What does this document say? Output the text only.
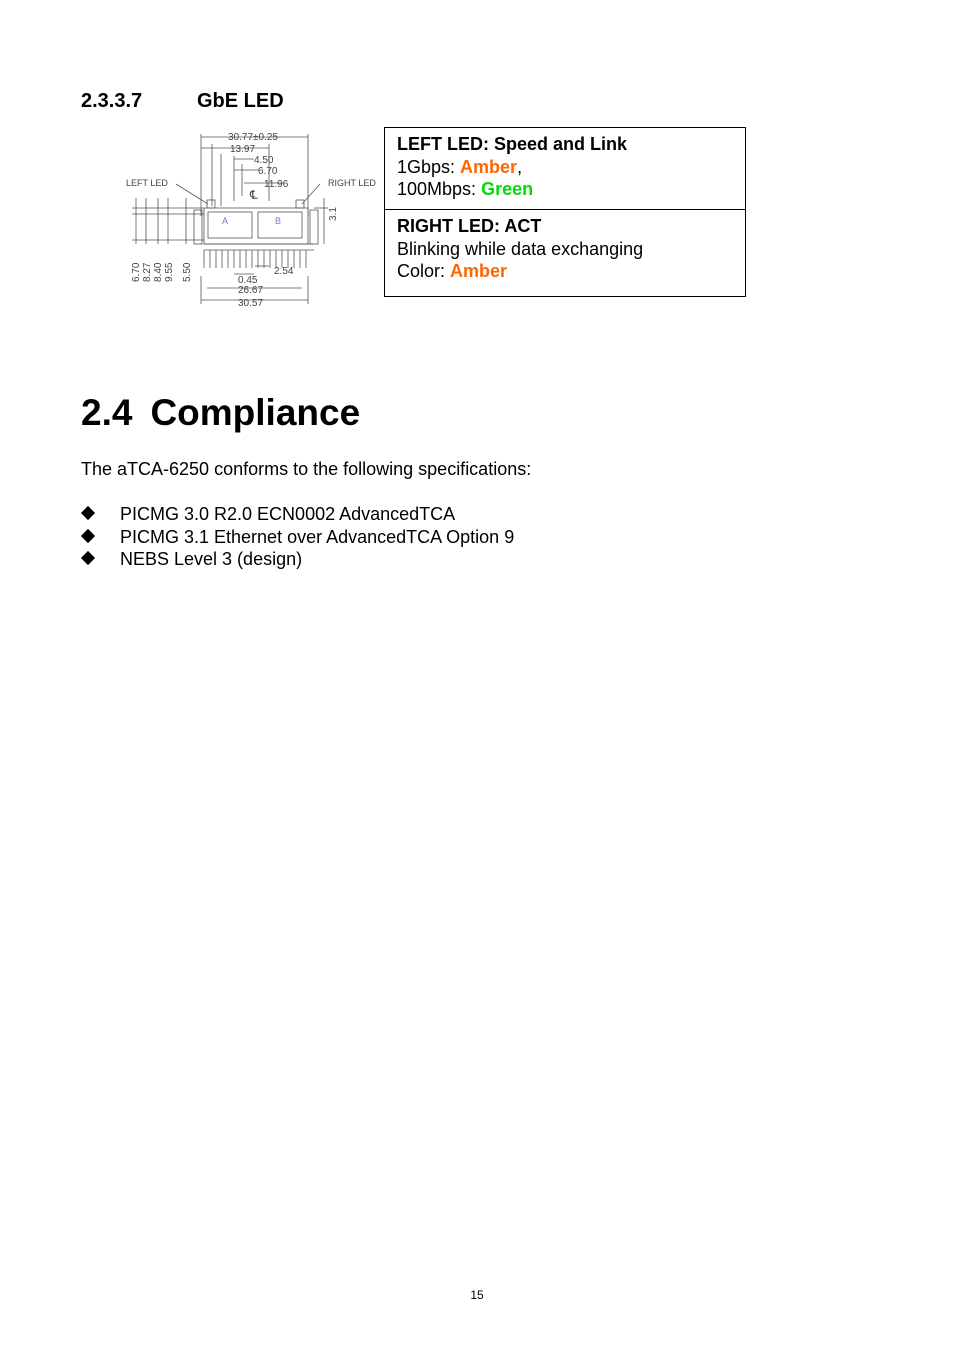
2.3.3.7	GbE LED
30.77±0.25
13.97
4.50
6.70
11.96
LEFT LED	RIGHT LED
3.1
6.70 8.27 8.40 9.55 5.50	2.54
0.45
26.67
30.57
A	B
℄
LEFT LED: Speed and Link
1Gbps: Amber,
100Mbps: Green

RIGHT LED: ACT
Blinking while data exchanging
Color: Amber
2.4 Compliance

The aTCA-6250 conforms to the following specifications:

PICMG 3.0 R2.0 ECN0002 AdvancedTCA
PICMG 3.1 Ethernet over AdvancedTCA Option 9
NEBS Level 3 (design)
15
